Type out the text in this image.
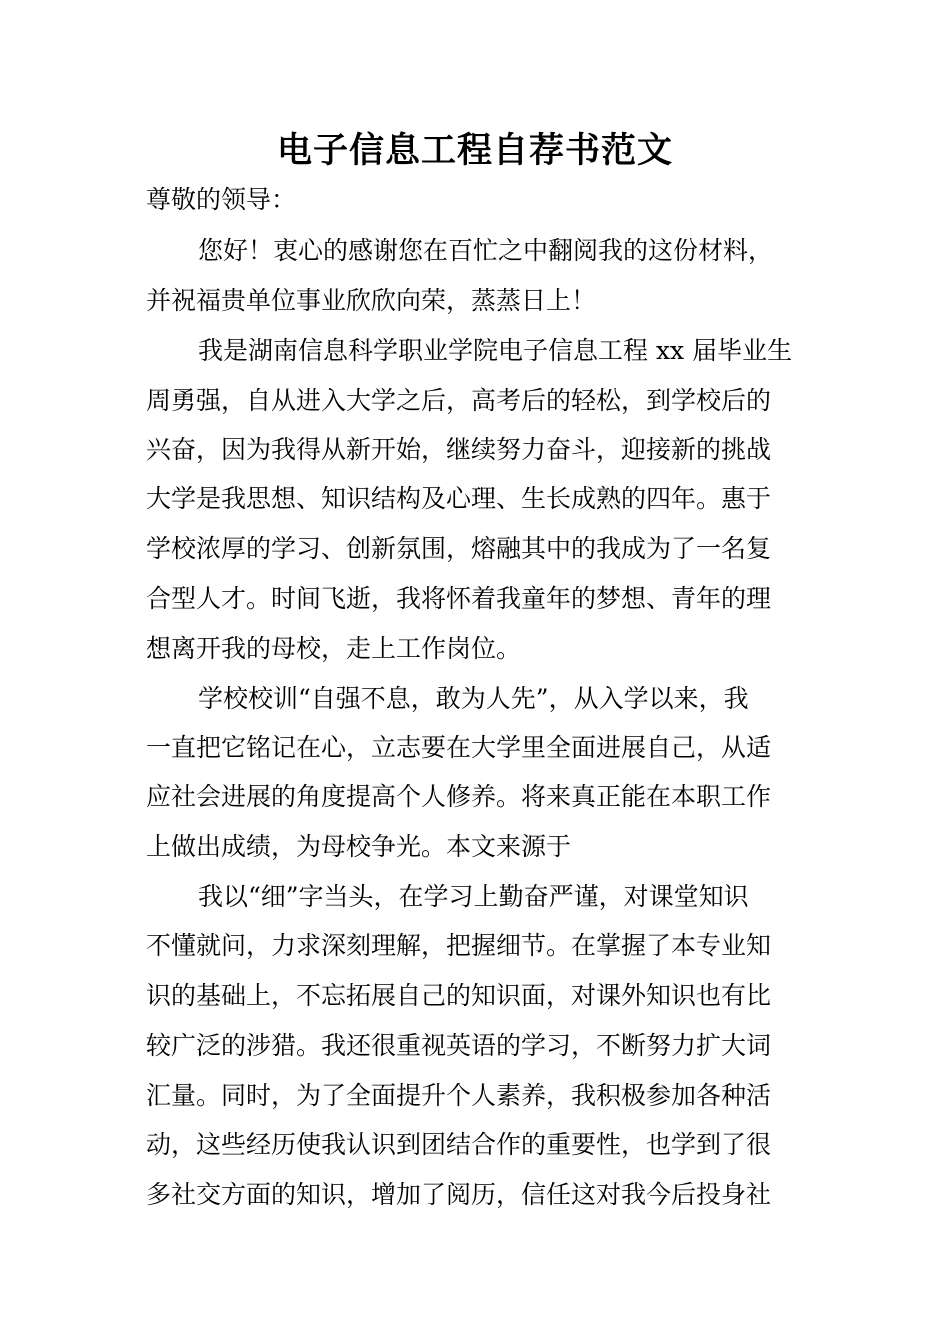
电子信息工程自荐书范文
尊敬的领导：
您好！衷心的感谢您在百忙之中翻阅我的这份材料，
并祝福贵单位事业欣欣向荣，蒸蒸日上！
我是湖南信息科学职业学院电子信息工程 xx 届毕业生
周勇强，自从进入大学之后，高考后的轻松，到学校后的
兴奋，因为我得从新开始，继续努力奋斗，迎接新的挑战
大学是我思想、知识结构及心理、生长成熟的四年。惠于
学校浓厚的学习、创新氛围，熔融其中的我成为了一名复
合型人才。时间飞逝，我将怀着我童年的梦想、青年的理
想离开我的母校，走上工作岗位。
学校校训“自强不息，敢为人先”，从入学以来，我
一直把它铭记在心，立志要在大学里全面进展自己，从适
应社会进展的角度提高个人修养。将来真正能在本职工作
上做出成绩，为母校争光。本文来源于
我以“细”字当头，在学习上勤奋严谨，对课堂知识
不懂就问，力求深刻理解，把握细节。在掌握了本专业知
识的基础上，不忘拓展自己的知识面，对课外知识也有比
较广泛的涉猎。我还很重视英语的学习，不断努力扩大词
汇量。同时，为了全面提升个人素养，我积极参加各种活
动，这些经历使我认识到团结合作的重要性，也学到了很
多社交方面的知识，增加了阅历，信任这对我今后投身社
